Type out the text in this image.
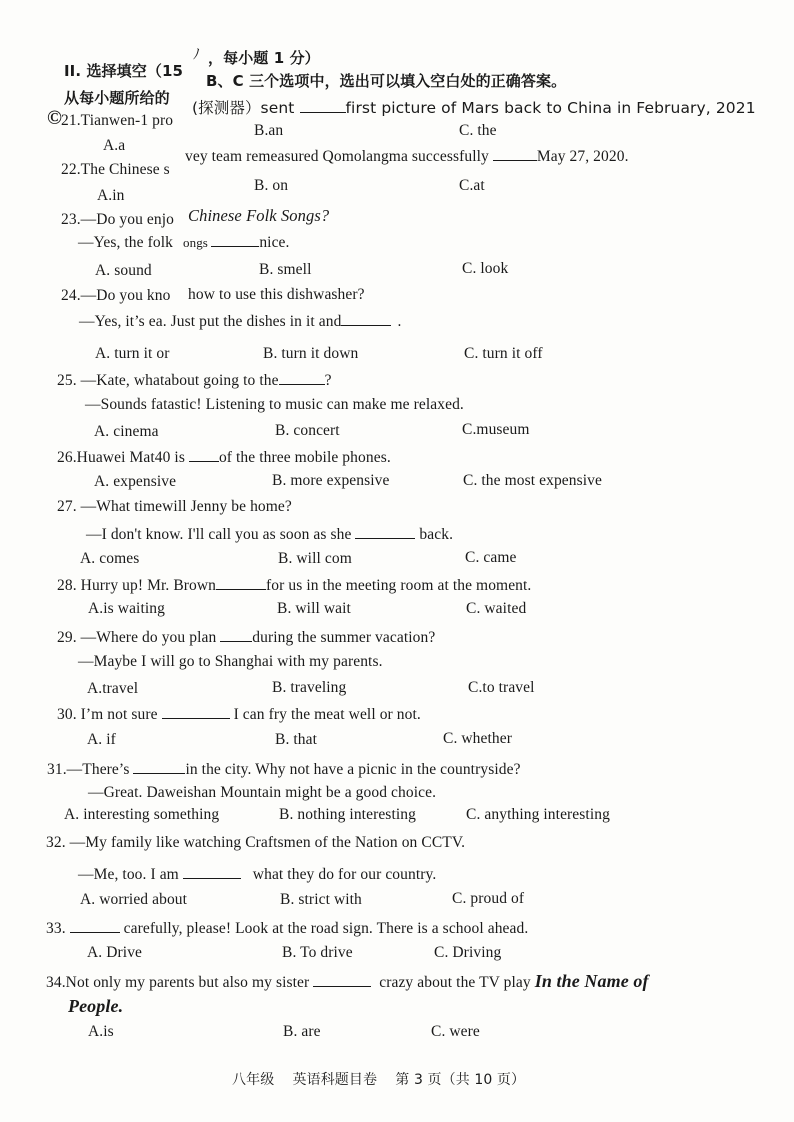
II. 选择填空（15
ﾉ ，每小题 1 分）
B、C 三个选项中，选出可以填入空白处的正确答案。
从每小题所给的
©
21.Tianwen-1 pro
(探测器）sent	first picture of Mars back to China in February, 2021
A.a
B.an	C. the
22.The Chinese s
vey team remeasured Qomolangma successfully	May 27, 2020.
A.in
B. on	C.at
23.—Do you enjo Chinese Folk Songs?
—Yes, the folk ongs	nice.
A. sound	B. smell	C. look
24.—Do you kno how to use this dishwasher?
—Yes, it’s ea. Just put the dishes in it and	.
A. turn it or	B. turn it down	C. turn it off
25. —Kate, whatabout going to the	?
—Sounds fatastic! Listening to music can make me relaxed.
A. cinema	B. concert	C.museum
26.Huawei Mat40 is of the three mobile phones.
A. expensive	B. more expensive	C. the most expensive
27. —What timewill Jenny be home?
—I don't know. I'll call you as soon as she	back.
A. comes	B. will com	C. came
28. Hurry up! Mr. Brown	for us in the meeting room at the moment.
A.is waiting	B. will wait	C. waited
29. —Where do you plan during the summer vacation?
—Maybe I will go to Shanghai with my parents.
A.travel	B. traveling	C.to travel
30. I’m not sure	I can fry the meat well or not.
A. if	B. that	C. whether
31.—There’s	in the city. Why not have a picnic in the countryside?
—Great. Daweishan Mountain might be a good choice.
A. interesting something	B. nothing interesting	C. anything interesting
32. —My family like watching Craftsmen of the Nation on CCTV.
—Me, too. I am	what they do for our country.
A. worried about	B. strict with	C. proud of
33.	carefully, please! Look at the road sign. There is a school ahead.
A. Drive	B. To drive	C. Driving
34.Not only my parents but also my sister	crazy about the TV play In the Name of
People.
A.is	B. are	C. were
八年级    英语科题目卷    第 3 页（共 10 页）
